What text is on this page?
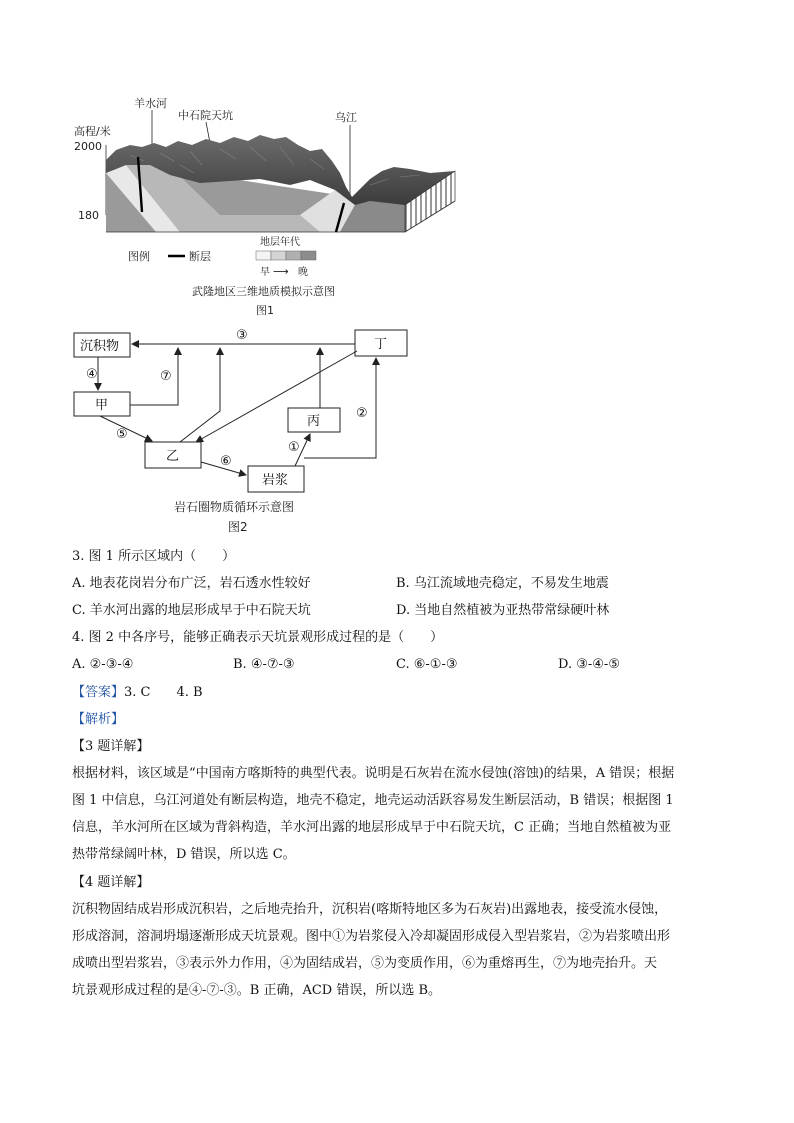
羊水河
中石院天坑	乌江
高程/米
2000
180
图例	断层
地层年代
早 ⟶ 晚
武隆地区三维地质模拟示意图
图1
沉积物
甲
乙
丙
丁
岩浆
③
④	⑦
⑤
⑥
①
②
岩石圈物质循环示意图
图2
3. 图 1 所示区域内（　　）
A. 地表花岗岩分布广泛，岩石透水性较好	B. 乌江流域地壳稳定，不易发生地震
C. 羊水河出露的地层形成早于中石院天坑	D. 当地自然植被为亚热带常绿硬叶林
4. 图 2 中各序号，能够正确表示天坑景观形成过程的是（　　）
A. ②-③-④	B. ④-⑦-③	C. ⑥-①-③	D. ③-④-⑤
【答案】3. C　　4. B
【解析】
【3 题详解】
根据材料，该区域是“中国南方喀斯特的典型代表。说明是石灰岩在流水侵蚀(溶蚀)的结果，A 错误；根据
图 1 中信息，乌江河道处有断层构造，地壳不稳定，地壳运动活跃容易发生断层活动，B 错误；根据图 1
信息，羊水河所在区域为背斜构造，羊水河出露的地层形成早于中石院天坑，C 正确；当地自然植被为亚
热带常绿阔叶林，D 错误，所以选 C。
【4 题详解】
沉积物固结成岩形成沉积岩，之后地壳抬升，沉积岩(喀斯特地区多为石灰岩)出露地表，接受流水侵蚀，
形成溶洞，溶洞坍塌逐渐形成天坑景观。图中①为岩浆侵入冷却凝固形成侵入型岩浆岩，②为岩浆喷出形
成喷出型岩浆岩，③表示外力作用，④为固结成岩，⑤为变质作用，⑥为重熔再生，⑦为地壳抬升。天
坑景观形成过程的是④-⑦-③。B 正确，ACD 错误，所以选 B。
